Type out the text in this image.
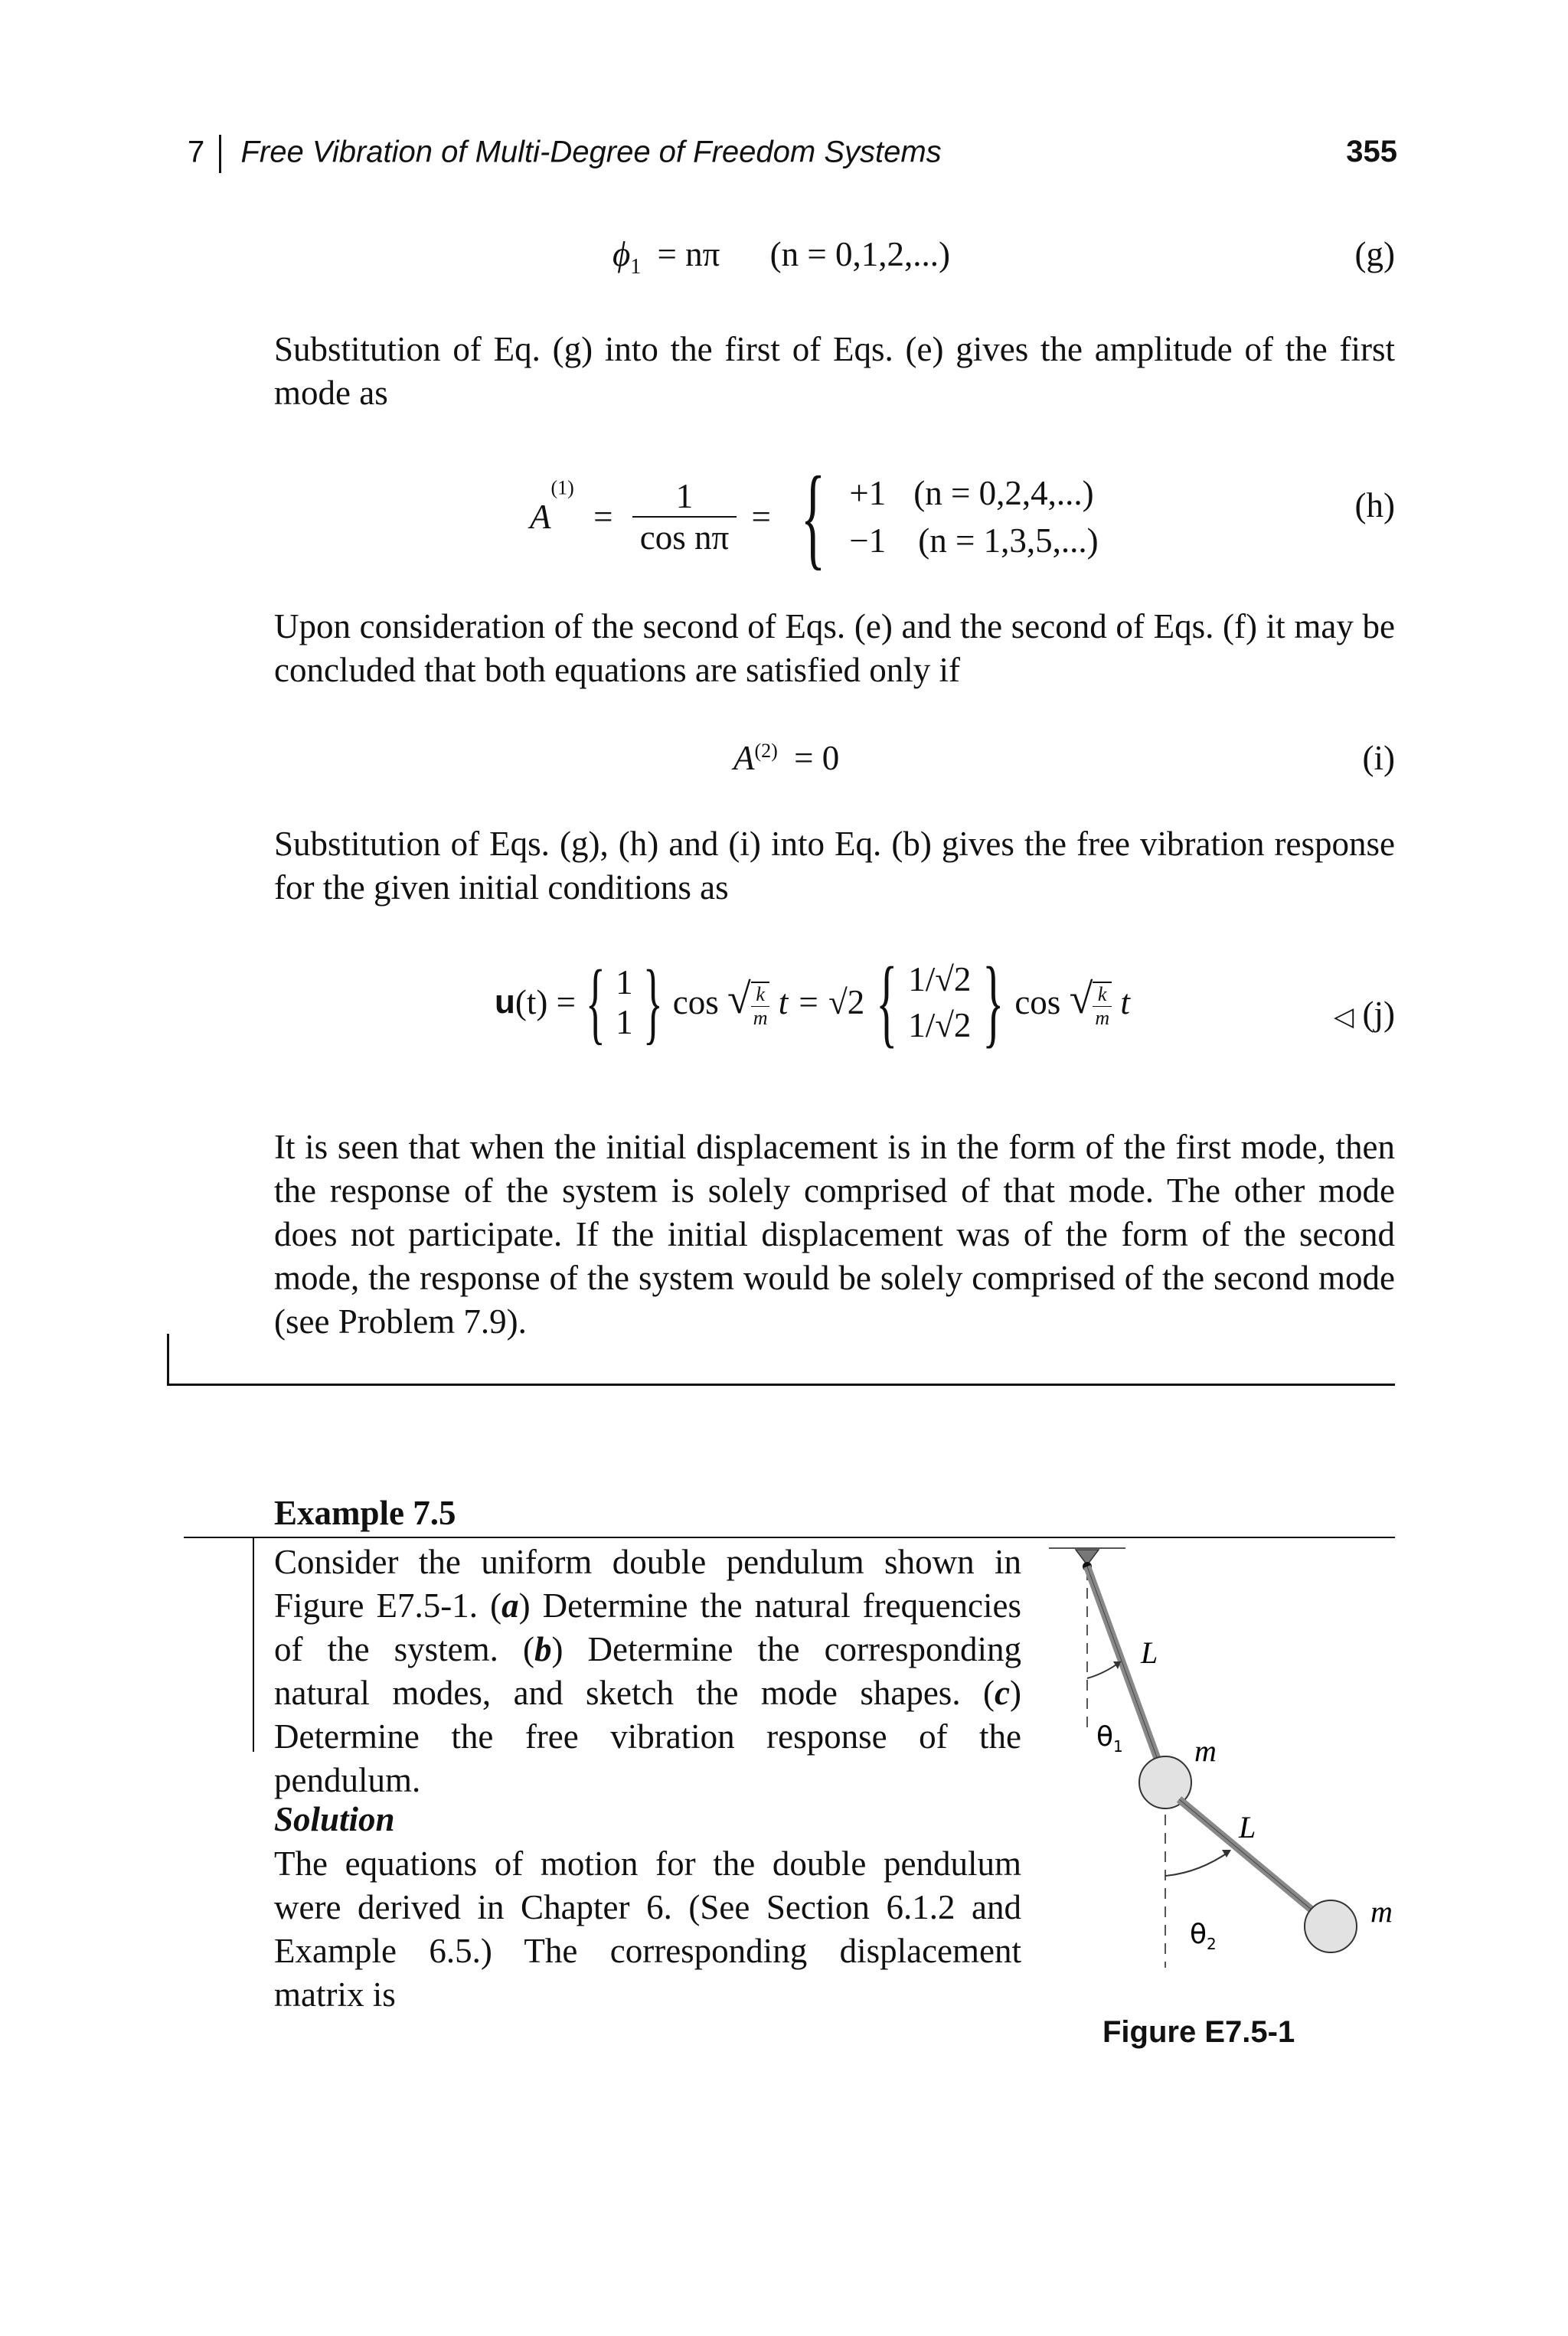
7 Free Vibration of Multi-Degree of Freedom Systems	355
$\phi_1 = n\pi$ (n = 0,1,2,...)	(g)
Substitution of Eq. (g) into the first of Eqs. (e) gives the amplitude of the first mode as
$A^{(1)} = \frac{1}{\text{cos nπ}}$ = { +1 (n = 0,2,4,...)
−1 (n = 1,3,5,...)
(h)
Upon consideration of the second of Eqs. (e) and the second of Eqs. (f) it may be concluded that both equations are satisfied only if
$A^{(2)} = 0$	(i)
Substitution of Eqs. (g), (h) and (i) into Eq. (b) gives the free vibration response for the given initial conditions as
u(t) = { 1
1 } cos √ $\frac{k}{m}$ t = √2 { 1/√2
1/√2 } cos √ $\frac{k}{m}$ t	◁ (j)
It is seen that when the initial displacement is in the form of the first mode, then the response of the system is solely comprised of that mode. The other mode does not participate. If the initial displacement was of the form of the second mode, the response of the system would be solely comprised of the second mode (see Problem 7.9).
Example 7.5
Consider the uniform double pendulum shown in Figure E7.5-1. (a) Determine the natural frequencies of the system. (b) Determine the corresponding natural modes, and sketch the mode shapes. (c) Determine the free vibration response of the pendulum.
Solution
The equations of motion for the double pendulum were derived in Chapter 6. (See Section 6.1.2 and Example 6.5.) The corresponding displacement matrix is
L
m
L
m
$\theta_1$
$\theta_2$
Figure E7.5-1
